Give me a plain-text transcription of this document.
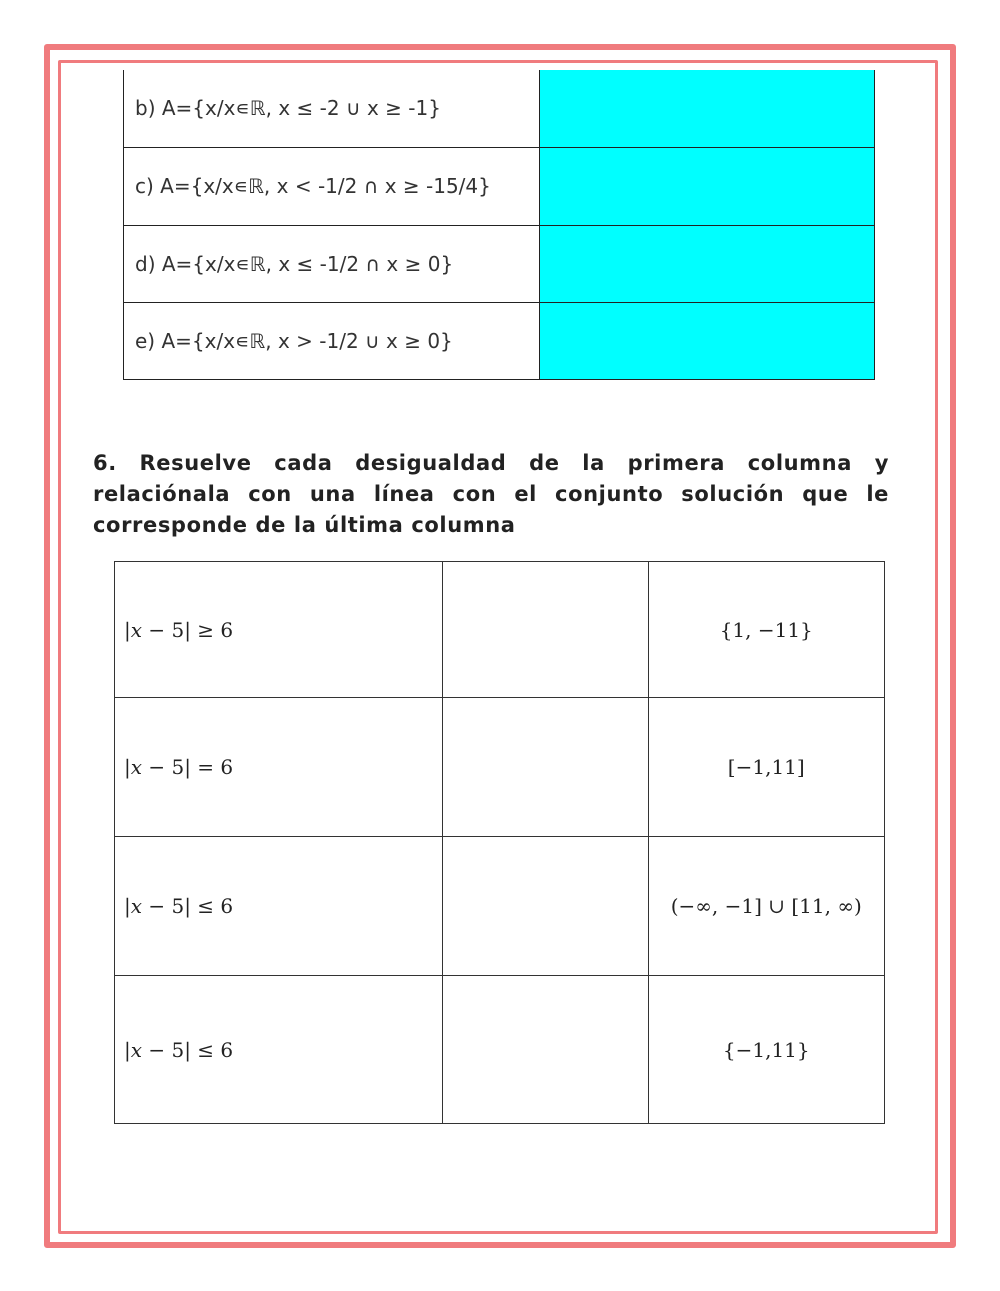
b) A={x/x∊ℝ, x ≤ -2 ∪ x ≥ -1}	
c) A={x/x∊ℝ, x < -1/2 ∩ x ≥ -15/4}	
d) A={x/x∊ℝ, x ≤ -1/2 ∩ x ≥ 0}	
e) A={x/x∊ℝ, x > -1/2 ∪ x ≥ 0}	

6. Resuelve cada desigualdad de la primera columna y relaciónala con una línea con el conjunto solución que le corresponde de la última columna

|𝑥 − 5| ≥ 6		{1, −11}
|𝑥 − 5| = 6		[−1,11]
|𝑥 − 5| ≤ 6		(−∞, −1] ∪ [11, ∞)
|𝑥 − 5| ≤ 6		{−1,11}
